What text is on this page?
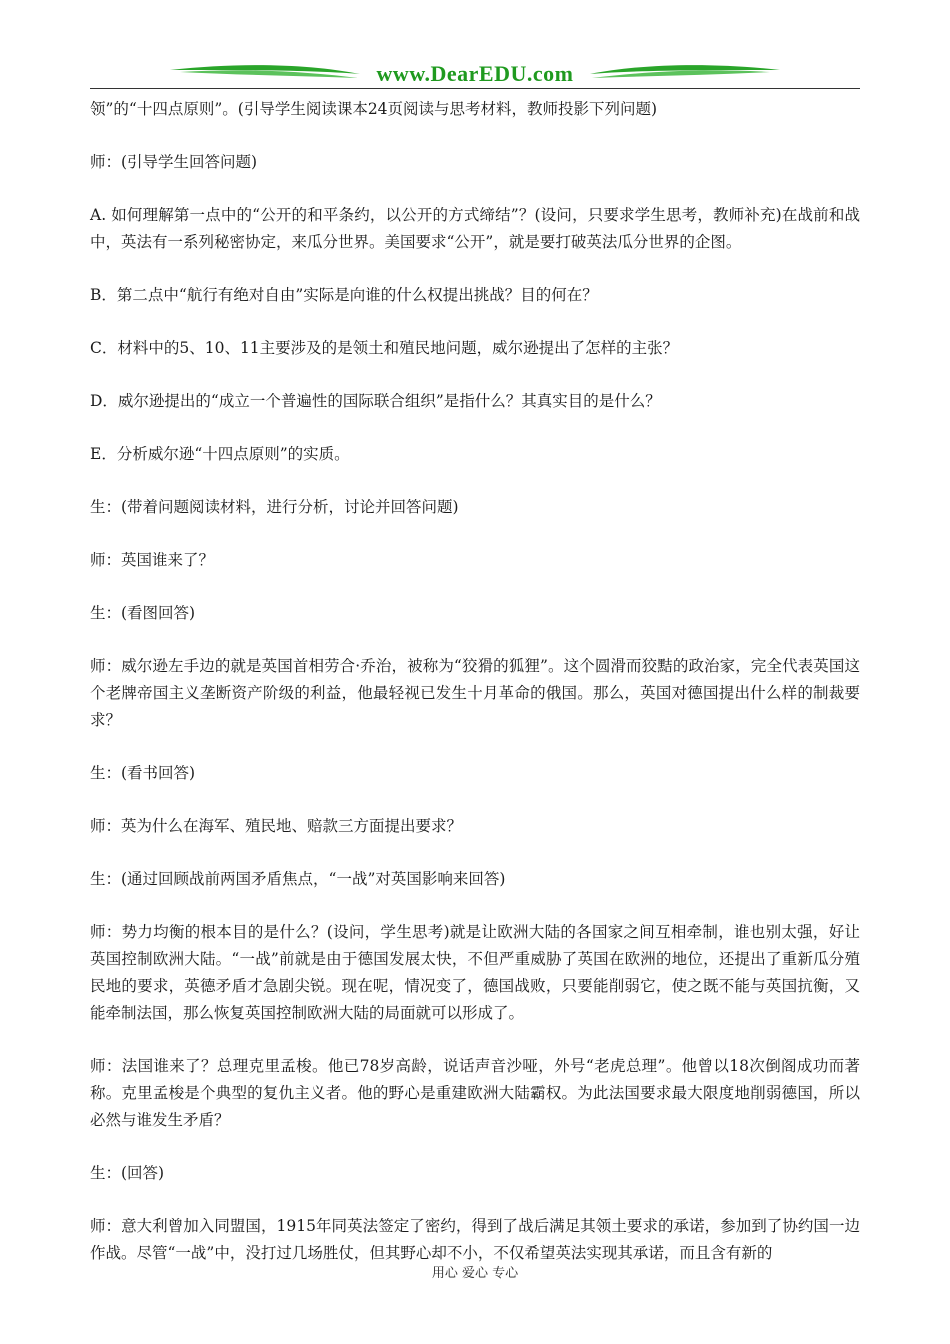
www.DearEDU.com

领”的“十四点原则”。(引导学生阅读课本24页阅读与思考材料，教师投影下列问题)

师：(引导学生回答问题)

A. 如何理解第一点中的“公开的和平条约，以公开的方式缔结”？(设问，只要求学生思考，教师补充)在战前和战中，英法有一系列秘密协定，来瓜分世界。美国要求“公开”，就是要打破英法瓜分世界的企图。

B．第二点中“航行有绝对自由”实际是向谁的什么权提出挑战？目的何在？

C．材料中的5、10、11主要涉及的是领土和殖民地问题，威尔逊提出了怎样的主张？

D．威尔逊提出的“成立一个普遍性的国际联合组织”是指什么？其真实目的是什么？

E．分析威尔逊“十四点原则”的实质。

生：(带着问题阅读材料，进行分析，讨论并回答问题)

师：英国谁来了？

生：(看图回答)

师：威尔逊左手边的就是英国首相劳合·乔治，被称为“狡猾的狐狸”。这个圆滑而狡黠的政治家，完全代表英国这个老牌帝国主义垄断资产阶级的利益，他最轻视已发生十月革命的俄国。那么，英国对德国提出什么样的制裁要求？

生：(看书回答)

师：英为什么在海军、殖民地、赔款三方面提出要求？

生：(通过回顾战前两国矛盾焦点，“一战”对英国影响来回答)

师：势力均衡的根本目的是什么？(设问，学生思考)就是让欧洲大陆的各国家之间互相牵制，谁也别太强，好让英国控制欧洲大陆。“一战”前就是由于德国发展太快，不但严重威胁了英国在欧洲的地位，还提出了重新瓜分殖民地的要求，英德矛盾才急剧尖锐。现在呢，情况变了，德国战败，只要能削弱它，使之既不能与英国抗衡，又能牵制法国，那么恢复英国控制欧洲大陆的局面就可以形成了。

师：法国谁来了？总理克里孟梭。他已78岁高龄，说话声音沙哑，外号“老虎总理”。他曾以18次倒阁成功而著称。克里孟梭是个典型的复仇主义者。他的野心是重建欧洲大陆霸权。为此法国要求最大限度地削弱德国，所以必然与谁发生矛盾？

生：(回答)

师：意大利曾加入同盟国，1915年同英法签定了密约，得到了战后满足其领土要求的承诺，参加到了协约国一边作战。尽管“一战”中，没打过几场胜仗，但其野心却不小，不仅希望英法实现其承诺，而且含有新的

用心 爱心 专心
